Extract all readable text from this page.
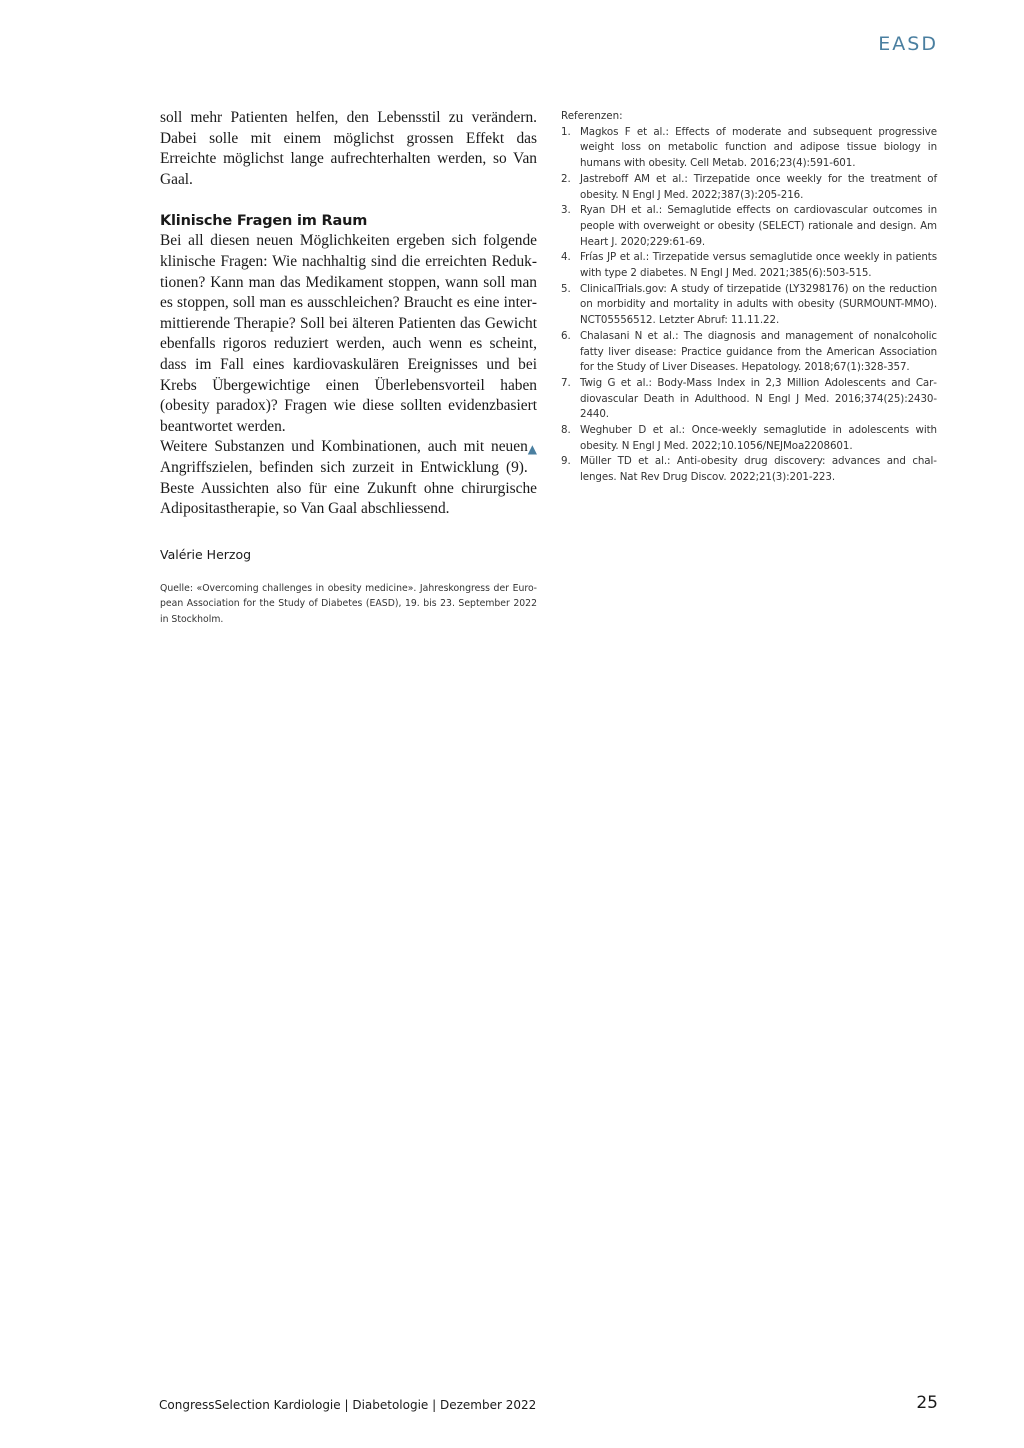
EASD

soll mehr Patienten helfen, den Lebensstil zu verändern. Dabei solle mit einem möglichst grossen Effekt das Erreichte möglichst lange aufrechterhalten werden, so Van Gaal.

Klinische Fragen im Raum

Bei all diesen neuen Möglichkeiten ergeben sich folgende klinische Fragen: Wie nachhaltig sind die erreichten Reduktionen? Kann man das Medikament stoppen, wann soll man es stoppen, soll man es ausschleichen? Braucht es eine intermittierende Therapie? Soll bei älteren Patienten das Gewicht ebenfalls rigoros reduziert werden, auch wenn es scheint, dass im Fall eines kardiovaskulären Ereignisses und bei Krebs Übergewichtige einen Überlebensvorteil haben (obesity paradox)? Fragen wie diese sollten evidenzbasiert beantwortet werden.

▲
Weitere Substanzen und Kombinationen, auch mit neuen Angriffszielen, befinden sich zurzeit in Entwicklung (9). Beste Aussichten also für eine Zukunft ohne chirurgische Adipositastherapie, so Van Gaal abschliessend.

Valérie Herzog

Quelle: «Overcoming challenges in obesity medicine». Jahreskongress der European Association for the Study of Diabetes (EASD), 19. bis 23. September 2022 in Stockholm.

Referenzen:

1. Magkos F et al.: Effects of moderate and subsequent progressive weight loss on metabolic function and adipose tissue biology in humans with obesity. Cell Metab. 2016;23(4):591-601.
2. Jastreboff AM et al.: Tirzepatide once weekly for the treatment of obesity. N Engl J Med. 2022;387(3):205-216.
3. Ryan DH et al.: Semaglutide effects on cardiovascular outcomes in people with overweight or obesity (SELECT) rationale and design. Am Heart J. 2020;229:61-69.
4. Frías JP et al.: Tirzepatide versus semaglutide once weekly in patients with type 2 diabetes. N Engl J Med. 2021;385(6):503-515.
5. ClinicalTrials.gov: A study of tirzepatide (LY3298176) on the reduction on morbidity and mortality in adults with obesity (SURMOUNT-MMO). NCT05556512. Letzter Abruf: 11.11.22.
6. Chalasani N et al.: The diagnosis and management of nonalcoholic fatty liver disease: Practice guidance from the American Association for the Study of Liver Diseases. Hepatology. 2018;67(1):328-357.
7. Twig G et al.: Body-Mass Index in 2,3 Million Adolescents and Cardiovascular Death in Adulthood. N Engl J Med. 2016;374(25):2430-2440.
8. Weghuber D et al.: Once-weekly semaglutide in adolescents with obesity. N Engl J Med. 2022;10.1056/NEJMoa2208601.
9. Müller TD et al.: Anti-obesity drug discovery: advances and challenges. Nat Rev Drug Discov. 2022;21(3):201-223.
CongressSelection Kardiologie | Diabetologie | Dezember 2022	25
